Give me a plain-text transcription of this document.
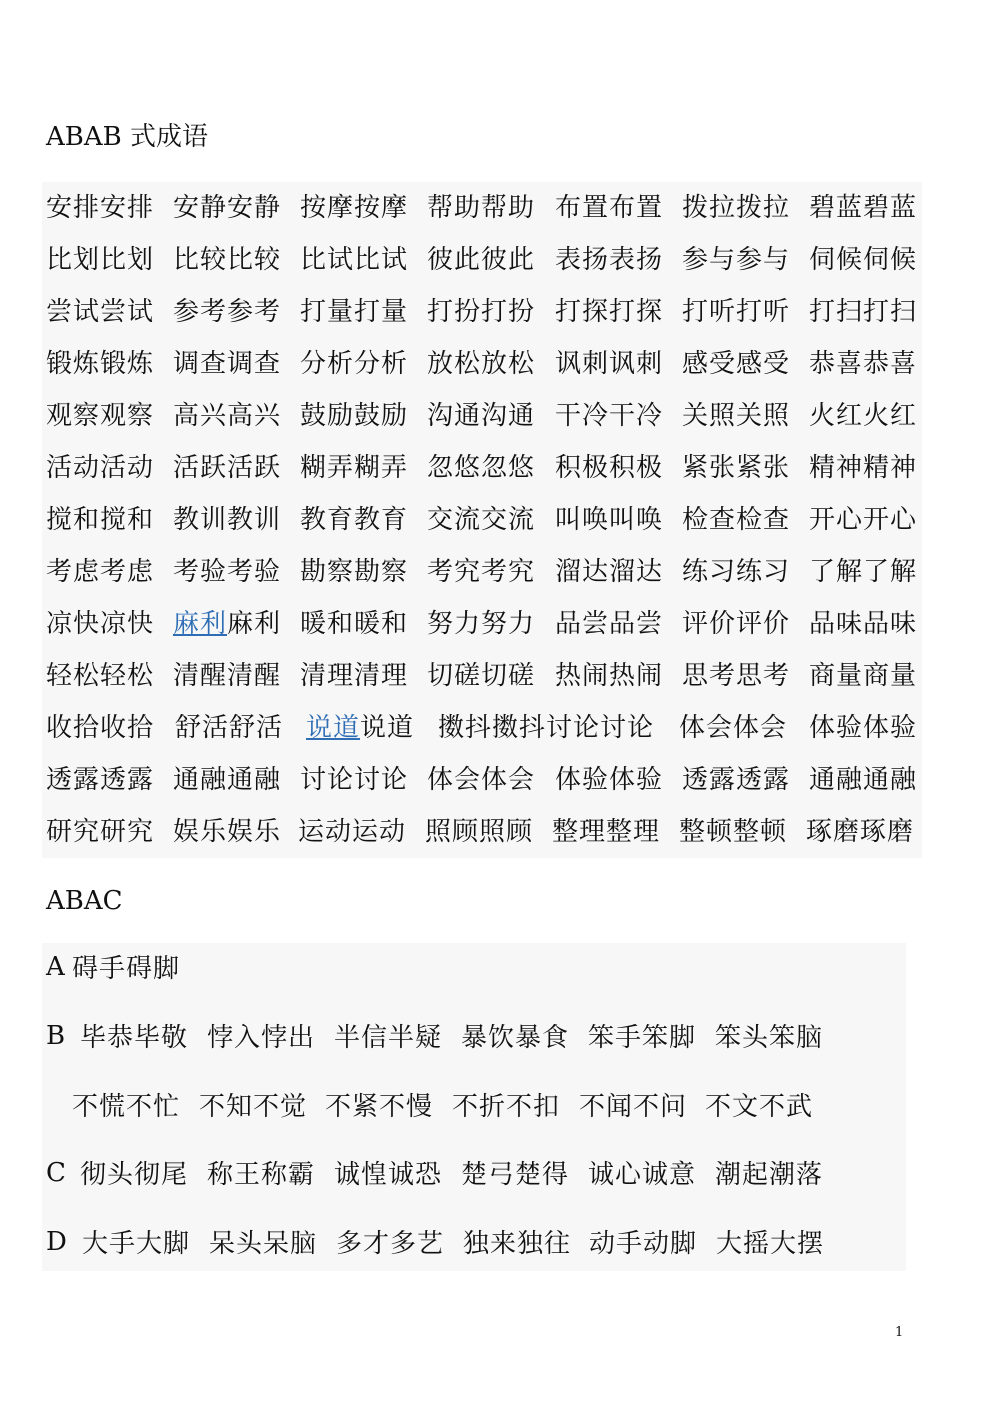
ABAB 式成语
安排安排 安静安静 按摩按摩 帮助帮助 布置布置 拨拉拨拉 碧蓝碧蓝
比划比划 比较比较 比试比试 彼此彼此 表扬表扬 参与参与 伺候伺候
尝试尝试 参考参考 打量打量 打扮打扮 打探打探 打听打听 打扫打扫
锻炼锻炼 调查调查 分析分析 放松放松 讽刺讽刺 感受感受 恭喜恭喜
观察观察 高兴高兴 鼓励鼓励 沟通沟通 干冷干冷 关照关照 火红火红
活动活动 活跃活跃 糊弄糊弄 忽悠忽悠 积极积极 紧张紧张 精神精神
搅和搅和 教训教训 教育教育 交流交流 叫唤叫唤 检查检查 开心开心
考虑考虑 考验考验 勘察勘察 考究考究 溜达溜达 练习练习 了解了解
凉快凉快 麻利麻利 暖和暖和 努力努力 品尝品尝 评价评价 品味品味
轻松轻松 清醒清醒 清理清理 切磋切磋 热闹热闹 思考思考 商量商量
收拾收拾 舒活舒活 说道说道 擞抖擞抖讨论讨论 体会体会 体验体验
透露透露 通融通融 讨论讨论 体会体会 体验体验 透露透露 通融通融
研究研究 娱乐娱乐 运动运动 照顾照顾 整理整理 整顿整顿 琢磨琢磨
ABAC
A 碍手碍脚
B 毕恭毕敬 悖入悖出 半信半疑 暴饮暴食 笨手笨脚 笨头笨脑
不慌不忙 不知不觉 不紧不慢 不折不扣 不闻不问 不文不武
C 彻头彻尾 称王称霸 诚惶诚恐 楚弓楚得 诚心诚意 潮起潮落
D 大手大脚 呆头呆脑 多才多艺 独来独往 动手动脚 大摇大摆
1
